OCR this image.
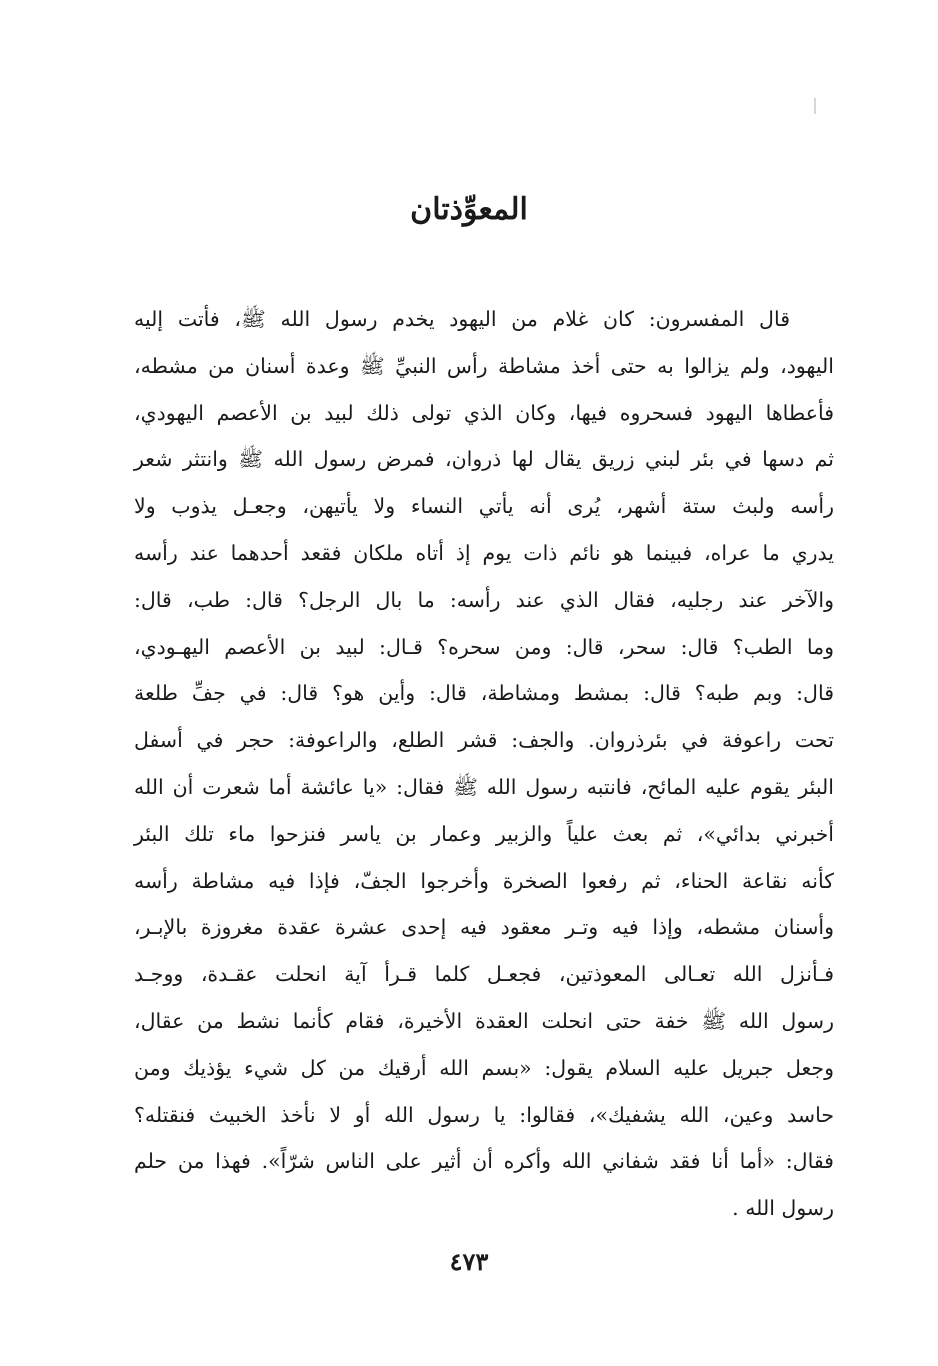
المعوِّذتان
قال المفسرون: كان غلام من اليهود يخدم رسول الله ﷺ، فأتت إليه
اليهود، ولم يزالوا به حتى أخذ مشاطة رأس النبيِّ ﷺ وعدة أسنان من مشطه،
فأعطاها اليهود فسحروه فيها، وكان الذي تولى ذلك لبيد بن الأعصم اليهودي،
ثم دسها في بئر لبني زريق يقال لها ذروان، فمرض رسول الله ﷺ وانتثر شعر
رأسه ولبث ستة أشهر، يُرى أنه يأتي النساء ولا يأتيهن، وجعـل يذوب ولا
يدري ما عراه، فبينما هو نائم ذات يوم إذ أتاه ملكان فقعد أحدهما عند رأسه
والآخر عند رجليه، فقال الذي عند رأسه: ما بال الرجل؟ قال: طب، قال:
وما الطب؟ قال: سحر، قال: ومن سحره؟ قـال: لبيد بن الأعصم اليهـودي،
قال: وبم طبه؟ قال: بمشط ومشاطة، قال: وأين هو؟ قال: في جفِّ طلعة
تحت راعوفة في بئرذروان. والجف: قشر الطلع، والراعوفة: حجر في أسفل
البئر يقوم عليه المائح، فانتبه رسول الله ﷺ فقال: «يا عائشة أما شعرت أن الله
أخبرني بدائي»، ثم بعث علياً والزبير وعمار بن ياسر فنزحوا ماء تلك البئر
كأنه نقاعة الحناء، ثم رفعوا الصخرة وأخرجوا الجفّ، فإذا فيه مشاطة رأسه
وأسنان مشطه، وإذا فيه وتـر معقود فيه إحدى عشرة عقدة مغروزة بالإبـر،
فـأنزل الله تعـالى المعوذتين، فجعـل كلما قـرأ آية انحلت عقـدة، ووجـد
رسول الله ﷺ خفة حتى انحلت العقدة الأخيرة، فقام كأنما نشط من عقال،
وجعل جبريل عليه السلام يقول: «بسم الله أرقيك من كل شيء يؤذيك ومن
حاسد وعين، الله يشفيك»، فقالوا: يا رسول الله أو لا نأخذ الخبيث فنقتله؟
فقال: «أما أنا فقد شفاني الله وأكره أن أثير على الناس شرّاً». فهذا من حلم
رسول الله .
٤٧٣
